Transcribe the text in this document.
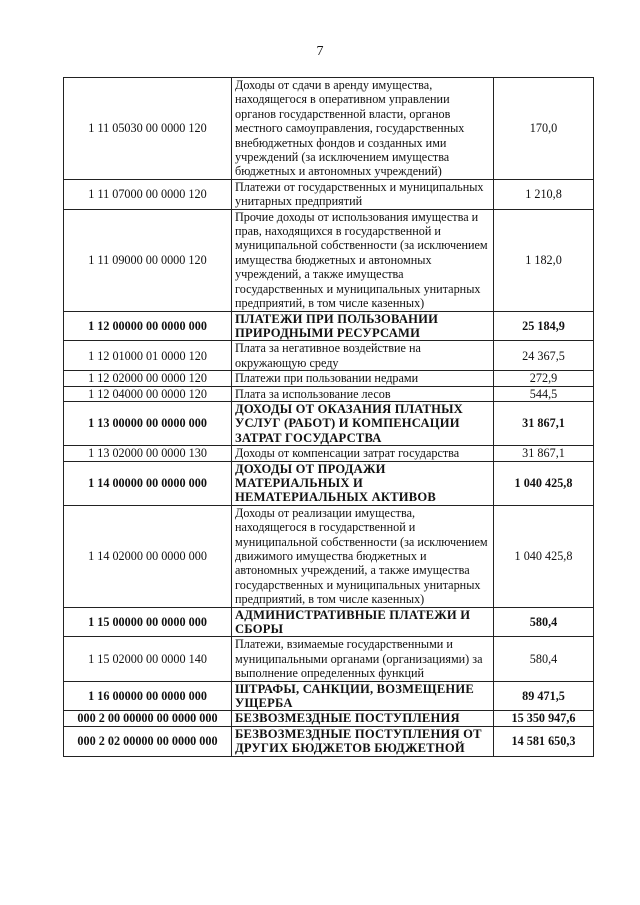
7
1 11 05030 00 0000 120	Доходы от сдачи в аренду имущества, находящегося в оперативном управлении органов государственной власти, органов местного самоуправления, государственных внебюджетных фондов и созданных ими учреждений (за исключением имущества бюджетных и автономных учреждений)	170,0
1 11 07000 00 0000 120	Платежи от государственных и муниципальных унитарных предприятий	1 210,8
1 11 09000 00 0000 120	Прочие доходы от использования имущества и прав, находящихся в государственной и муниципальной собственности (за исключением имущества бюджетных и автономных учреждений, а также имущества государственных и муниципальных унитарных предприятий, в том числе казенных)	1 182,0
1 12 00000 00 0000 000	ПЛАТЕЖИ ПРИ ПОЛЬЗОВАНИИ ПРИРОДНЫМИ РЕСУРСАМИ	25 184,9
1 12 01000 01 0000 120	Плата за негативное воздействие на окружающую среду	24 367,5
1 12 02000 00 0000 120	Платежи при пользовании недрами	272,9
1 12 04000 00 0000 120	Плата за использование лесов	544,5
1 13 00000 00 0000 000	ДОХОДЫ ОТ ОКАЗАНИЯ ПЛАТНЫХ УСЛУГ (РАБОТ) И КОМПЕНСАЦИИ ЗАТРАТ ГОСУДАРСТВА	31 867,1
1 13 02000 00 0000 130	Доходы от компенсации затрат государства	31 867,1
1 14 00000 00 0000 000	ДОХОДЫ ОТ ПРОДАЖИ МАТЕРИАЛЬНЫХ И НЕМАТЕРИАЛЬНЫХ АКТИВОВ	1 040 425,8
1 14 02000 00 0000 000	Доходы от реализации имущества, находящегося в государственной и муниципальной собственности (за исключением движимого имущества бюджетных и автономных учреждений, а также имущества государственных и муниципальных унитарных предприятий, в том числе казенных)	1 040 425,8
1 15 00000 00 0000 000	АДМИНИСТРАТИВНЫЕ ПЛАТЕЖИ И СБОРЫ	580,4
1 15 02000 00 0000 140	Платежи, взимаемые государственными и муниципальными органами (организациями) за выполнение определенных функций	580,4
1 16 00000 00 0000 000	ШТРАФЫ, САНКЦИИ, ВОЗМЕЩЕНИЕ УЩЕРБА	89 471,5
000 2 00 00000 00 0000 000	БЕЗВОЗМЕЗДНЫЕ ПОСТУПЛЕНИЯ	15 350 947,6
000 2 02 00000 00 0000 000	БЕЗВОЗМЕЗДНЫЕ ПОСТУПЛЕНИЯ ОТ ДРУГИХ БЮДЖЕТОВ БЮДЖЕТНОЙ	14 581 650,3
